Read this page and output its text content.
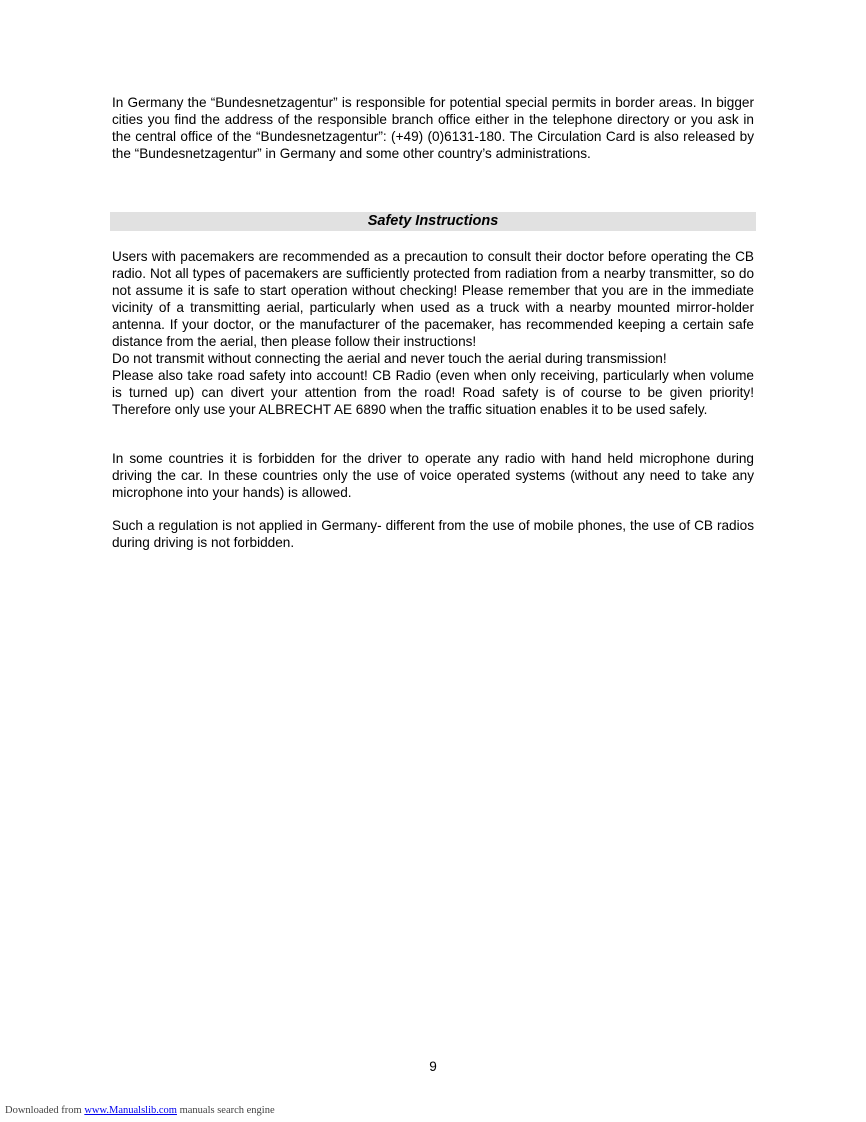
In Germany the “Bundesnetzagentur” is responsible for potential special permits in border areas. In bigger cities you find the address of the responsible branch office either in the telephone directory or you ask in the central office of the “Bundesnetzagentur”: (+49) (0)6131-180. The Circulation Card is also released by the “Bundesnetzagentur” in Germany and some other country’s administrations.

Safety Instructions
Users with pacemakers are recommended as a precaution to consult their doctor before operating the CB radio. Not all types of pacemakers are sufficiently protected from radiation from a nearby transmitter, so do not assume it is safe to start operation without checking! Please remember that you are in the immediate vicinity of a transmitting aerial, particularly when used as a truck with a nearby mounted mirror-holder antenna. If your doctor, or the manufacturer of the pacemaker, has recommended keeping a certain safe distance from the aerial, then please follow their instructions!
Do not transmit without connecting the aerial and never touch the aerial during transmission!
Please also take road safety into account! CB Radio (even when only receiving, particularly when volume is turned up) can divert your attention from the road! Road safety is of course to be given priority! Therefore only use your ALBRECHT AE 6890 when the traffic situation enables it to be used safely.

In some countries it is forbidden for the driver to operate any radio with hand held microphone during driving the car. In these countries only the use of voice operated systems (without any need to take any microphone into your hands) is allowed.

Such a regulation is not applied in Germany- different from the use of mobile phones, the use of CB radios during driving is not forbidden.

9
Downloaded from www.Manualslib.com manuals search engine
